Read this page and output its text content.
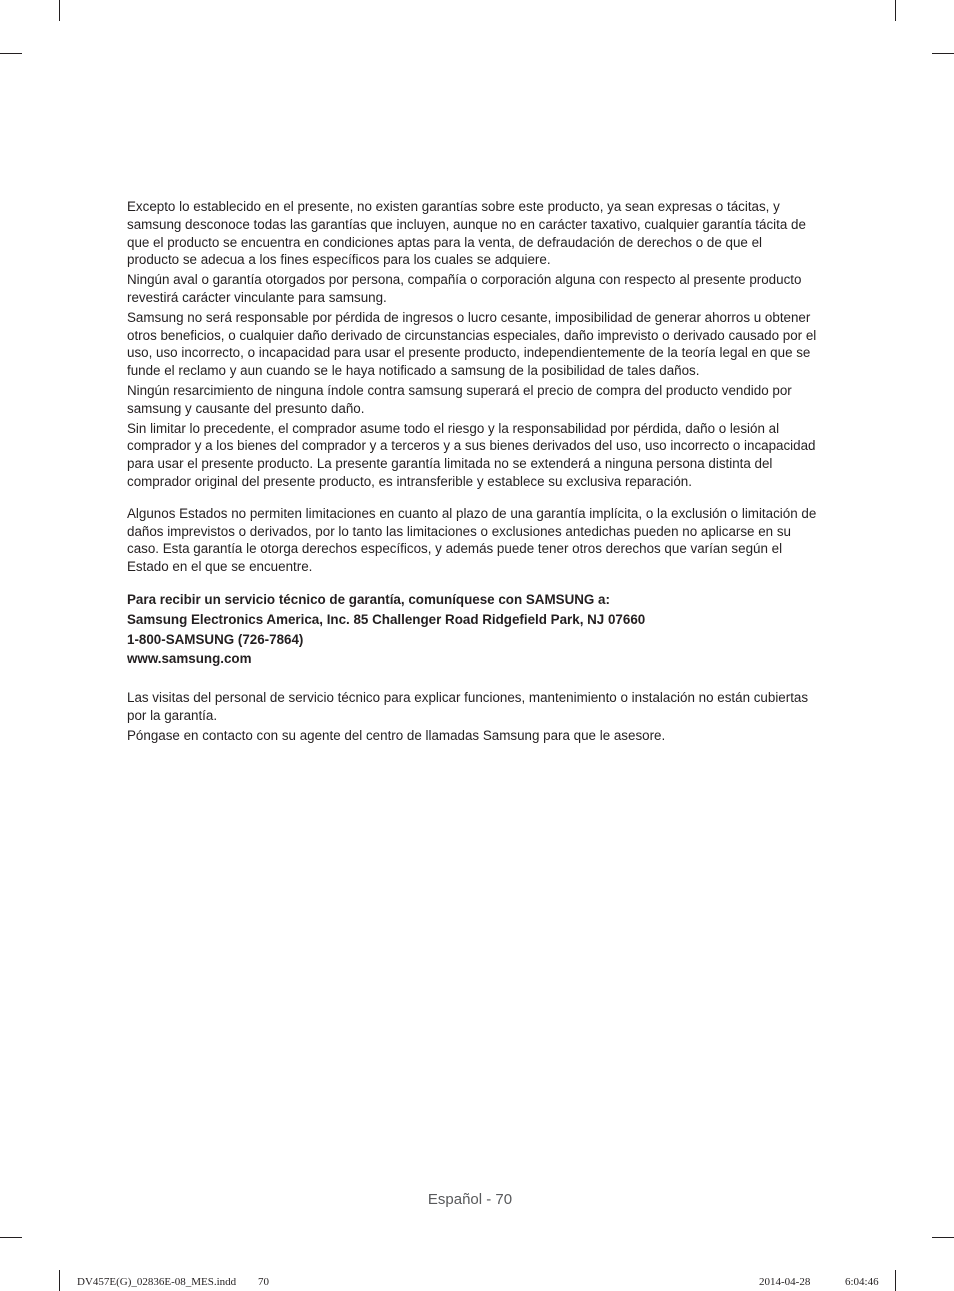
Excepto lo establecido en el presente, no existen garantías sobre este producto, ya sean expresas o tácitas, y samsung desconoce todas las garantías que incluyen, aunque no en carácter taxativo, cualquier garantía tácita de que el producto se encuentra en condiciones aptas para la venta, de defraudación de derechos o de que el producto se adecua a los fines específicos para los cuales se adquiere.

Ningún aval o garantía otorgados por persona, compañía o corporación alguna con respecto al presente producto revestirá carácter vinculante para samsung.

Samsung no será responsable por pérdida de ingresos o lucro cesante, imposibilidad de generar ahorros u obtener otros beneficios, o cualquier daño derivado de circunstancias especiales, daño imprevisto o derivado causado por el uso, uso incorrecto, o incapacidad para usar el presente producto, independientemente de la teoría legal en que se funde el reclamo y aun cuando se le haya notificado a samsung de la posibilidad de tales daños.

Ningún resarcimiento de ninguna índole contra samsung superará el precio de compra del producto vendido por samsung y causante del presunto daño.

Sin limitar lo precedente, el comprador asume todo el riesgo y la responsabilidad por pérdida, daño o lesión al comprador y a los bienes del comprador y a terceros y a sus bienes derivados del uso, uso incorrecto o incapacidad para usar el presente producto. La presente garantía limitada no se extenderá a ninguna persona distinta del comprador original del presente producto, es intransferible y establece su exclusiva reparación.

Algunos Estados no permiten limitaciones en cuanto al plazo de una garantía implícita, o la exclusión o limitación de daños imprevistos o derivados, por lo tanto las limitaciones o exclusiones antedichas pueden no aplicarse en su caso. Esta garantía le otorga derechos específicos, y además puede tener otros derechos que varían según el Estado en el que se encuentre.

Para recibir un servicio técnico de garantía, comuníquese con SAMSUNG a:
Samsung Electronics America, Inc. 85 Challenger Road Ridgefield Park, NJ 07660
1-800-SAMSUNG (726-7864)
www.samsung.com

Las visitas del personal de servicio técnico para explicar funciones, mantenimiento o instalación no están cubiertas por la garantía.

Póngase en contacto con su agente del centro de llamadas Samsung para que le asesore.

Español - 70
DV457E(G)_02836E-08_MES.indd 70	2014-04-28	6:04:46
